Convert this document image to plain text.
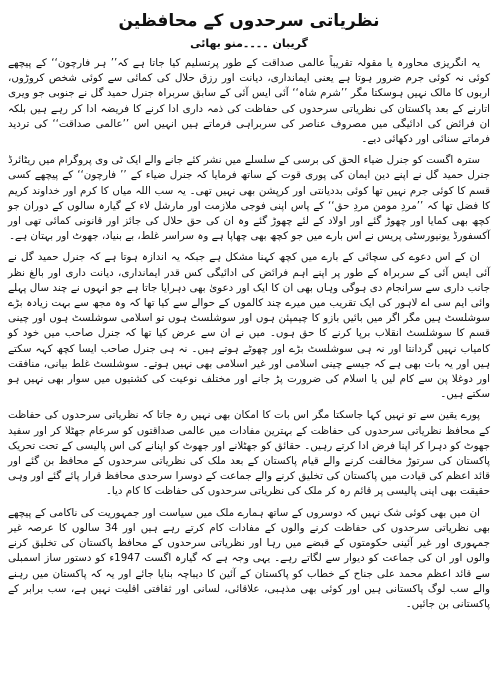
نظریاتی سرحدوں کے محافظین
گریبان ۔۔۔۔منو بھائی

یہ انگریزی محاورہ یا مقولہ تقریباً عالمی صداقت کے طور پرتسلیم کیا جاتا ہے کہ’’ ہر فارچون‘‘ کے پیچھے کوئی نہ کوئی جرم ضرور ہوتا ہے یعنی ایمانداری، دیانت اور رزق حلال کی کمائی سے کوئی شخص کروڑوں، اربوں کا مالک نہیں ہوسکتا مگر ’’شرم شاہ‘‘ آئی ایس آئی کے سابق سربراہ جنرل حمید گل نے جنوبی جو ویری اتارنے کے بعد پاکستان کی نظریاتی سرحدوں کی حفاظت کی ذمہ داری ادا کرنے کا فریضہ ادا کر رہے ہیں بلکہ ان فرائض کی ادائیگی میں مصروف عناصر کی سربراہی فرماتے ہیں انہیں اس ’’عالمی صداقت‘‘ کی تردید فرماتے سنائی اور دکھائی دیے۔

سترہ اگست کو جنرل ضیاء الحق کی برسی کے سلسلے میں نشر کئے جانے والے ایک ٹی وی پروگرام میں ریٹائرڈ جنرل حمید گل نے اپنے دین ایمان کی پوری قوت کے ساتھ فرمایا کہ جنرل ضیاء کے ’’ فارچون‘‘ کے پیچھے کسی قسم کا کوئی جرم نہیں تھا کوئی بددیانتی اور کرپشن بھی نہیں تھی۔ یہ سب اللہ میاں کا کرم اور خداوند کریم کا فضل تھا کہ ’’مردِ مومن مردِ حق‘‘ کے پاس اپنی فوجی ملازمت اور مارشل لاء کے گیارہ سالوں کے دوران جو کچھ بھی کمایا اور چھوڑ گئے اور اولاد کے لئے چھوڑ گئے وہ ان کی حق حلال کی جائز اور قانونی کمائی تھی اور آکسفورڈ یونیورسٹی پریس نے اس بارے میں جو کچھ بھی چھاپا ہے وہ سراسر غلط، بے بنیاد، جھوٹ اور بہتان ہے۔

ان کے اس دعوے کی سچائی کے بارے میں کچھ کہنا مشکل ہے جبکہ یہ اندازہ ہوتا ہے کہ جنرل حمید گل نے آئی ایس آئی کے سربراہ کے طور پر اپنے اہم فرائض کی ادائیگی کس قدر ایمانداری، دیانت داری اور بالغ نظر جانب داری سے سرانجام دی ہوگی وہاں بھی ان کا ایک اور دعویٰ بھی دہرایا جاتا ہے جو انہوں نے چند سال پہلے وائی ایم سی اے لاہور کی ایک تقریب میں میرے چند کالموں کے حوالے سے کیا تھا کہ وہ مجھ سے بہت زیادہ بڑے سوشلسٹ ہیں مگر اگر میں بائیں بازو کا چیمپئن ہوں اور سوشلسٹ ہوں تو اسلامی سوشلسٹ ہوں اور چینی قسم کا سوشلسٹ انقلاب برپا کرنے کا حق ہوں۔ میں نے ان سے عرض کیا تھا کہ جنرل صاحب میں خود کو کامیاب نہیں گردانتا اور نہ ہی سوشلسٹ بڑے اور چھوٹے ہوتے ہیں۔ نہ ہی جنرل صاحب ایسا کچھ کہہ سکتے ہیں اور یہ بات بھی ہے کہ جیسے چینی اسلامی اور غیر اسلامی بھی نہیں ہوتے۔ سوشلسٹ غلط بیانی، منافقت اور دوغلا پن سے کام لیں یا اسلام کی ضرورت پڑ جانے اور مختلف نوعیت کی کشتیوں میں سوار بھی نہیں ہو سکتے ہیں۔

پورے یقین سے تو نہیں کہا جاسکتا مگر اس بات کا امکان بھی نہیں رہ جاتا کہ نظریاتی سرحدوں کی حفاظت کے محافظ نظریاتی سرحدوں کی حفاظت کے بہترین مفادات میں عالمی صداقتوں کو سرعام جھٹلا کر اور سفید جھوٹ کو دہرا کر اپنا فرض ادا کرتے رہیں۔ حقائق کو جھٹلانے اور جھوٹ کو اپنانے کی اس پالیسی کے تحت تحریک پاکستان کی سرتوڑ مخالفت کرنے والے قیام پاکستان کے بعد ملک کی نظریاتی سرحدوں کے محافظ بن گئے اور قائد اعظم کی قیادت میں پاکستان کی تخلیق کرنے والے جماعت کے دوسرا سرحدی محافظ قرار پائے گئے اور وہی حقیقت بھی اپنی پالیسی پر قائم رہ کر ملک کی نظریاتی سرحدوں کی حفاظت کا کام دیا۔

ان میں بھی کوئی شک نہیں کہ دوسروں کے ساتھ ہمارے ملک میں سیاست اور جمہوریت کی ناکامی کے پیچھے بھی نظریاتی سرحدوں کی حفاظت کرنے والوں کے مفادات کام کرتے رہے ہیں اور 34 سالوں کا عرصہ غیر جمہوری اور غیر آئینی حکومتوں کے قبضے میں رہا اور نظریاتی سرحدوں کے محافظ پاکستان کی تخلیق کرنے والوں اور ان کی جماعت کو دیوار سے لگاتے رہے۔ یہی وجہ ہے کہ گیارہ اگست 1947ء کو دستور ساز اسمبلی سے قائد اعظم محمد علی جناح کے خطاب کو پاکستان کے آئین کا دیباچہ بنایا جائے اور یہ کہ پاکستان میں رہنے والے سب لوگ پاکستانی ہیں اور کوئی بھی مذہبی، علاقائی، لسانی اور ثقافتی اقلیت نہیں ہے، سب برابر کے پاکستانی بن جائیں۔
